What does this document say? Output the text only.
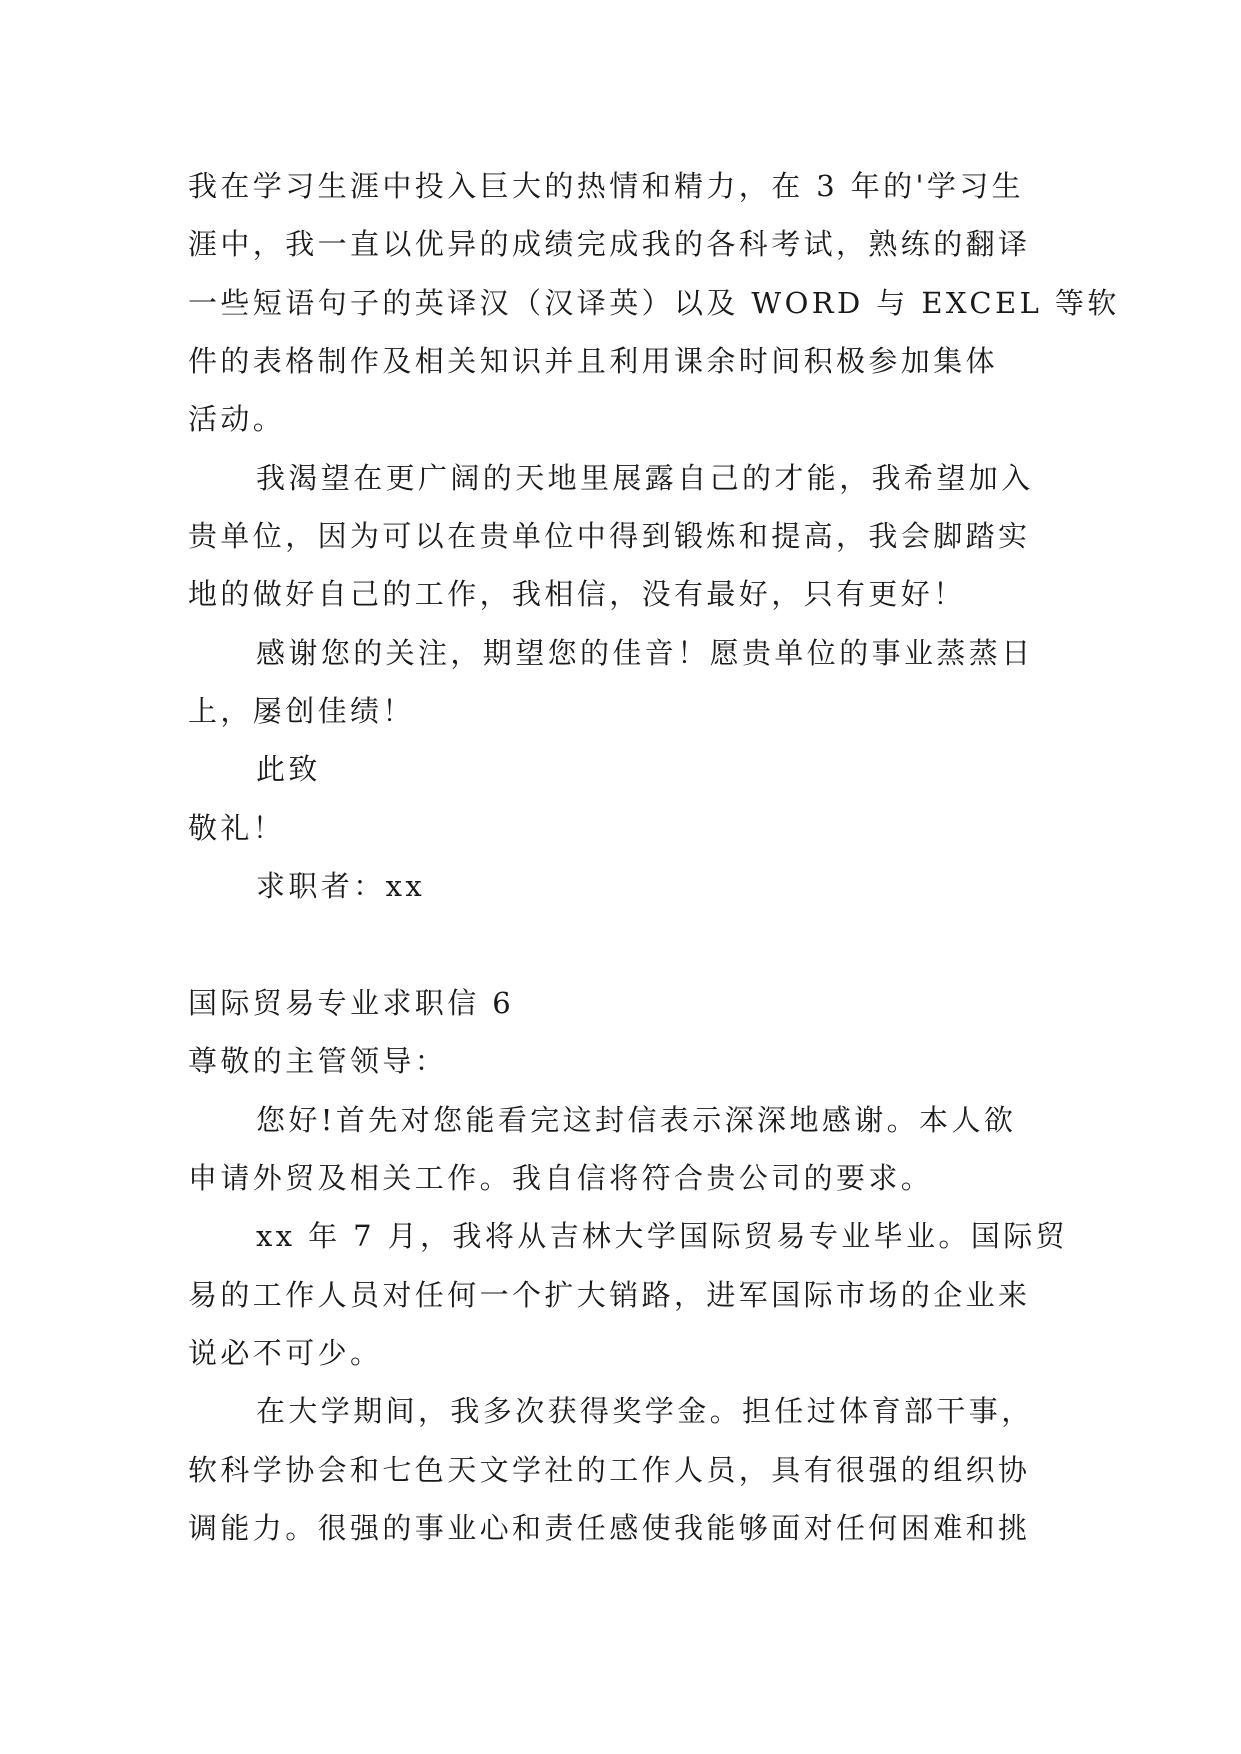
我在学习生涯中投入巨大的热情和精力，在 3 年的'学习生
涯中，我一直以优异的成绩完成我的各科考试，熟练的翻译
一些短语句子的英译汉（汉译英）以及 WORD 与 EXCEL 等软
件的表格制作及相关知识并且利用课余时间积极参加集体
活动。
我渴望在更广阔的天地里展露自己的才能，我希望加入
贵单位，因为可以在贵单位中得到锻炼和提高，我会脚踏实
地的做好自己的工作，我相信，没有最好，只有更好！
感谢您的关注，期望您的佳音！愿贵单位的事业蒸蒸日
上，屡创佳绩！
此致
敬礼！
求职者：xx
国际贸易专业求职信 6
尊敬的主管领导：
您好!首先对您能看完这封信表示深深地感谢。本人欲
申请外贸及相关工作。我自信将符合贵公司的要求。
xx 年 7 月，我将从吉林大学国际贸易专业毕业。国际贸
易的工作人员对任何一个扩大销路，进军国际市场的企业来
说必不可少。
在大学期间，我多次获得奖学金。担任过体育部干事，
软科学协会和七色天文学社的工作人员，具有很强的组织协
调能力。很强的事业心和责任感使我能够面对任何困难和挑
